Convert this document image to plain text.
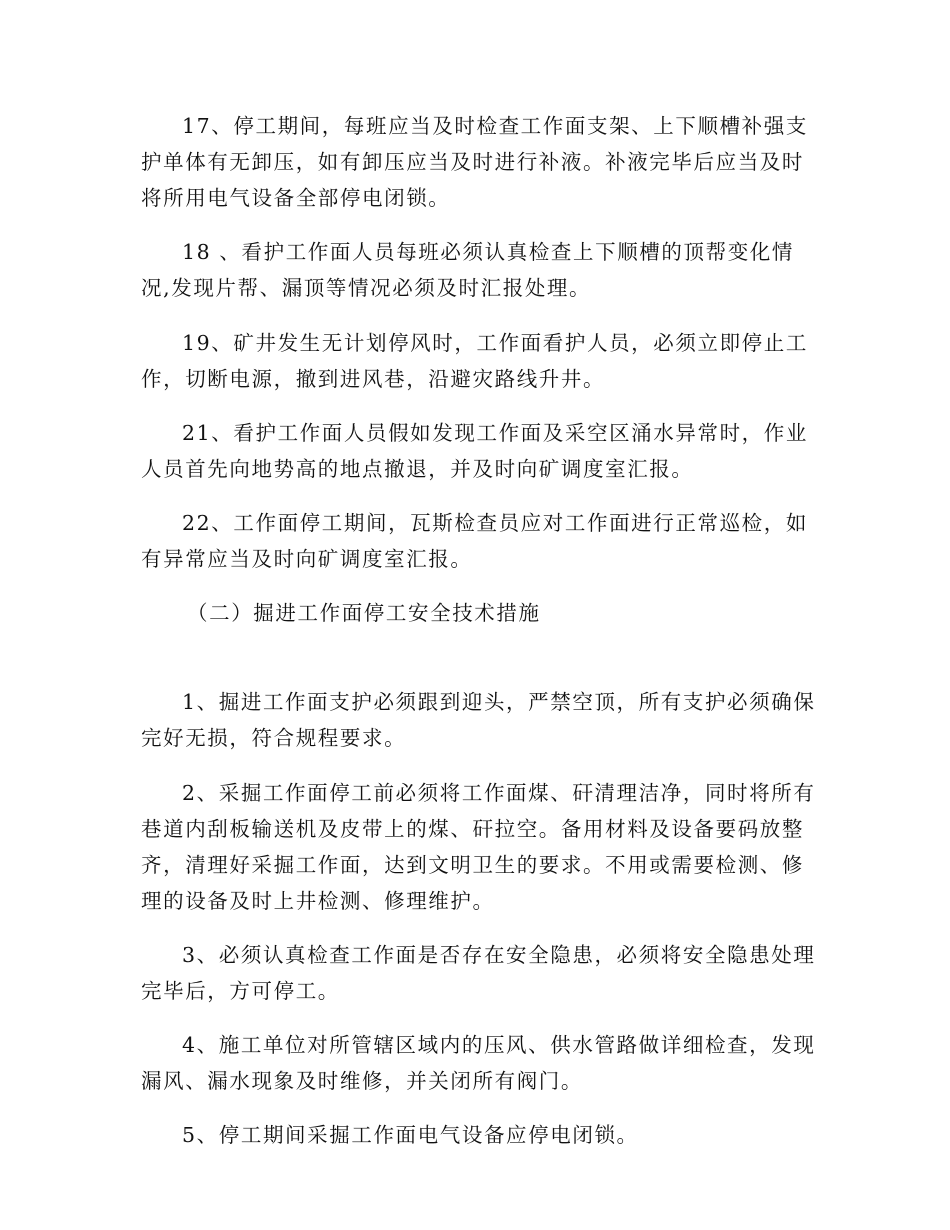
17、停工期间，每班应当及时检查工作面支架、上下顺槽补强支
护单体有无卸压，如有卸压应当及时进行补液。补液完毕后应当及时
将所用电气设备全部停电闭锁。

18 、看护工作面人员每班必须认真检查上下顺槽的顶帮变化情
况,发现片帮、漏顶等情况必须及时汇报处理。

19、矿井发生无计划停风时，工作面看护人员，必须立即停止工
作，切断电源，撤到进风巷，沿避灾路线升井。

21、看护工作面人员假如发现工作面及采空区涌水异常时，作业
人员首先向地势高的地点撤退，并及时向矿调度室汇报。

22、工作面停工期间，瓦斯检查员应对工作面进行正常巡检，如
有异常应当及时向矿调度室汇报。

（二）掘进工作面停工安全技术措施

1、掘进工作面支护必须跟到迎头，严禁空顶，所有支护必须确保
完好无损，符合规程要求。

2、采掘工作面停工前必须将工作面煤、矸清理洁净，同时将所有
巷道内刮板输送机及皮带上的煤、矸拉空。备用材料及设备要码放整
齐，清理好采掘工作面，达到文明卫生的要求。不用或需要检测、修
理的设备及时上井检测、修理维护。

3、必须认真检查工作面是否存在安全隐患，必须将安全隐患处理
完毕后，方可停工。

4、施工单位对所管辖区域内的压风、供水管路做详细检查，发现
漏风、漏水现象及时维修，并关闭所有阀门。

5、停工期间采掘工作面电气设备应停电闭锁。
